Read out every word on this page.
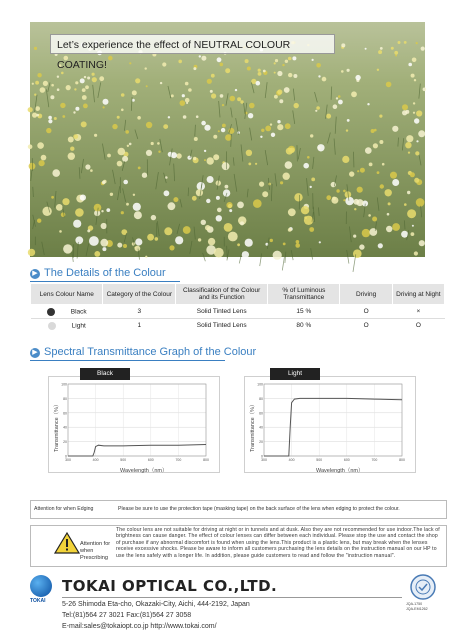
Let’s experience the effect of NEUTRAL COLOUR COATING!
▶ The Details of the Colour
Lens Colour Name	Category of the Colour	Classification of the Colour and its Function	% of Luminous Transmittance	Driving	Driving at Night
Black	3	Solid Tinted Lens	15 %	O	×
Light	1	Solid Tinted Lens	80 %	O	O
▶ Spectral Transmittance Graph of the Colour
Black
Transmittance（%）
Wavelength（nm）
0
20
40
60
80
100
300	400	500	600	700	800
Light
Transmittance（%）
Wavelength（nm）
0
20
40
60
80
100
300	400	500	600	700	800
Attention for when Edging	Please be sure to use the protection tape (masking tape) on the back surface of the lens when edging to protect the colour.
Attention for when Prescribing
The colour lens are not suitable for driving at night or in tunnels and at dusk. Also they are not recommended for use indoor.The lack of brightness can cause danger. The effect of colour lenses can differ between each individual. Please stop the use and contact the shop of purchase if any abnormal discomfort is found when using the lens.This product is a plastic lens, but may break when the lenses receive excessive shocks. Please be aware to inform all customers purchasing the lens details on the instruction manual on our HP to use the lens safely with a longer life. In addition, please guide customers to read and follow the "instruction manual".
TOKAI
TOKAI OPTICAL CO.,LTD.
5-26 Shimoda Eta-cho, Okazaki-City, Aichi, 444-2192, Japan
Tel:(81)564 27 3021 Fax:(81)564 27 3058
E-mail:sales@tokaiopt.co.jp http://www.tokai.com/
JQA-1750
JQA-EM1262
